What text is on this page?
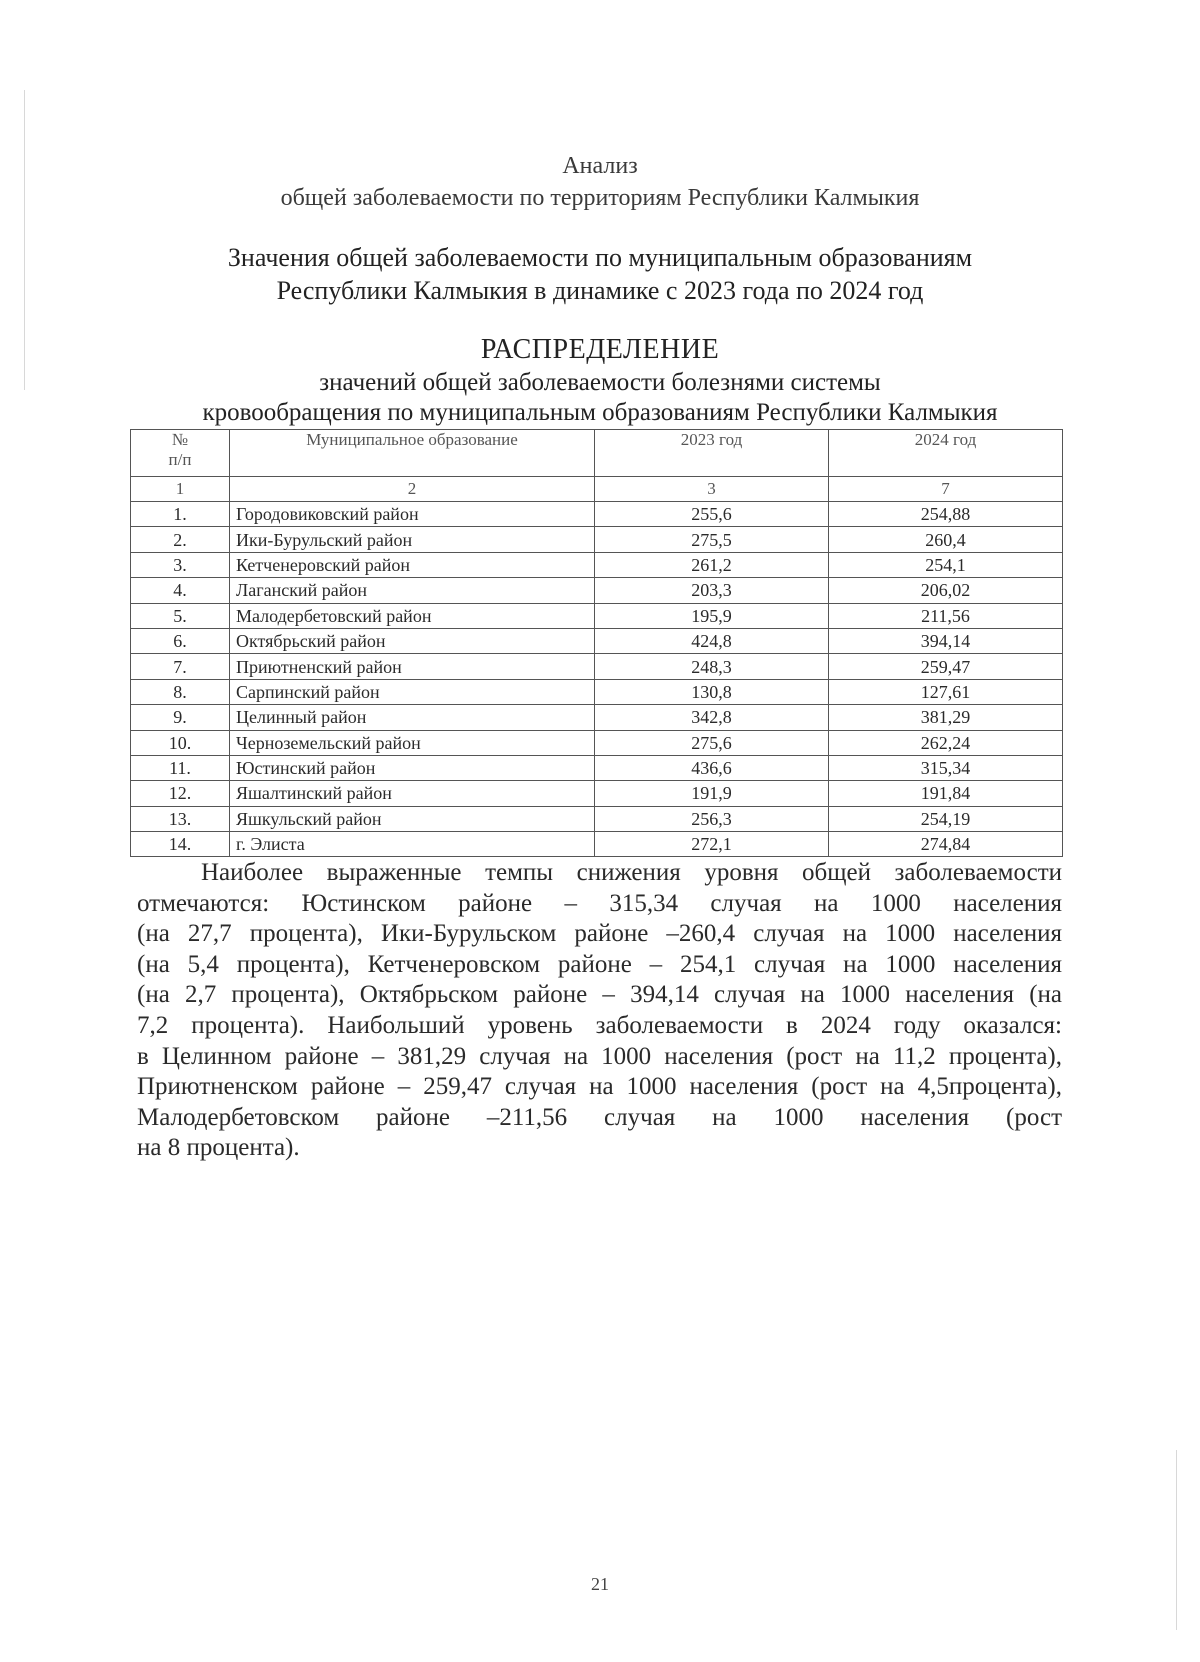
Анализ
общей заболеваемости по территориям Республики Калмыкия
Значения общей заболеваемости по муниципальным образованиям
Республики Калмыкия в динамике с 2023 года по 2024 год
РАСПРЕДЕЛЕНИЕ
значений общей заболеваемости болезнями системы
кровообращения по муниципальным образованиям Республики Калмыкия
№
п/п	Муниципальное образование	2023 год	2024 год
1	2	3	7
1.	Городовиковский район	255,6	254,88
2.	Ики-Бурульский район	275,5	260,4
3.	Кетченеровский район	261,2	254,1
4.	Лаганский район	203,3	206,02
5.	Малодербетовский район	195,9	211,56
6.	Октябрьский район	424,8	394,14
7.	Приютненский район	248,3	259,47
8.	Сарпинский район	130,8	127,61
9.	Целинный район	342,8	381,29
10.	Черноземельский район	275,6	262,24
11.	Юстинский район	436,6	315,34
12.	Яшалтинский район	191,9	191,84
13.	Яшкульский район	256,3	254,19
14.	г. Элиста	272,1	274,84
Наиболее выраженные темпы снижения уровня общей заболеваемости
отмечаются: Юстинском районе – 315,34 случая на 1000 населения
(на 27,7 процента), Ики-Бурульском районе –260,4 случая на 1000 населения
(на 5,4 процента), Кетченеровском районе – 254,1 случая на 1000 населения
(на 2,7 процента), Октябрьском районе – 394,14 случая на 1000 населения (на
7,2 процента). Наибольший уровень заболеваемости в 2024 году оказался:
в Целинном районе – 381,29 случая на 1000 населения (рост на 11,2 процента),
Приютненском районе – 259,47 случая на 1000 населения (рост на 4,5процента),
Малодербетовском районе –211,56 случая на 1000 населения (рост
на 8 процента).
21
